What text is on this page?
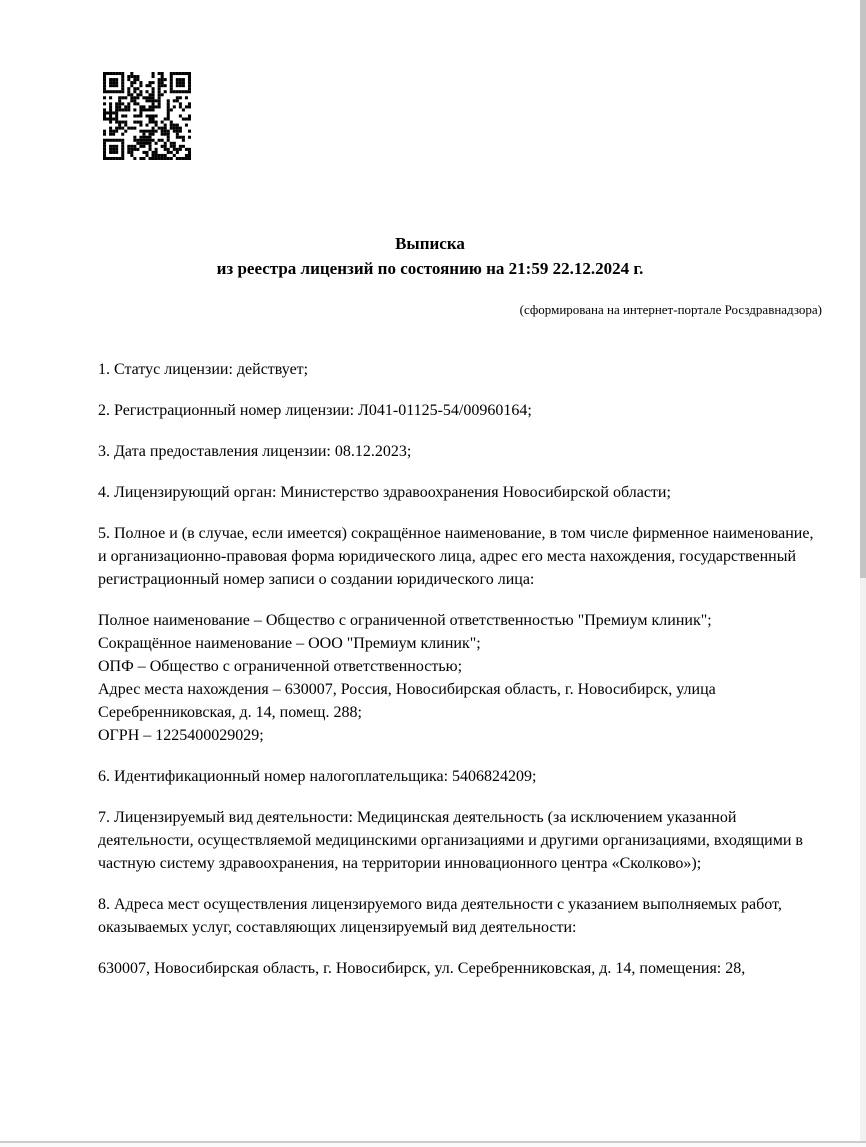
Выписка
из реестра лицензий по состоянию на 21:59 22.12.2024 г.
(сформирована на интернет-портале Росздравнадзора)
1. Статус лицензии: действует;
2. Регистрационный номер лицензии: Л041-01125-54/00960164;
3. Дата предоставления лицензии: 08.12.2023;
4. Лицензирующий орган: Министерство здравоохранения Новосибирской области;
5. Полное и (в случае, если имеется) сокращённое наименование, в том числе фирменное наименование, и организационно-правовая форма юридического лица, адрес его места нахождения, государственный регистрационный номер записи о создании юридического лица:
Полное наименование – Общество с ограниченной ответственностью "Премиум клиник";
Сокращённое наименование – ООО "Премиум клиник";
ОПФ – Общество с ограниченной ответственностью;
Адрес места нахождения – 630007, Россия, Новосибирская область, г. Новосибирск, улица Серебренниковская, д. 14, помещ. 288;
ОГРН – 1225400029029;
6. Идентификационный номер налогоплательщика: 5406824209;
7. Лицензируемый вид деятельности: Медицинская деятельность (за исключением указанной деятельности, осуществляемой медицинскими организациями и другими организациями, входящими в частную систему здравоохранения, на территории инновационного центра «Сколково»);
8. Адреса мест осуществления лицензируемого вида деятельности с указанием выполняемых работ, оказываемых услуг, составляющих лицензируемый вид деятельности:
630007, Новосибирская область, г. Новосибирск, ул. Серебренниковская, д. 14, помещения: 28,
